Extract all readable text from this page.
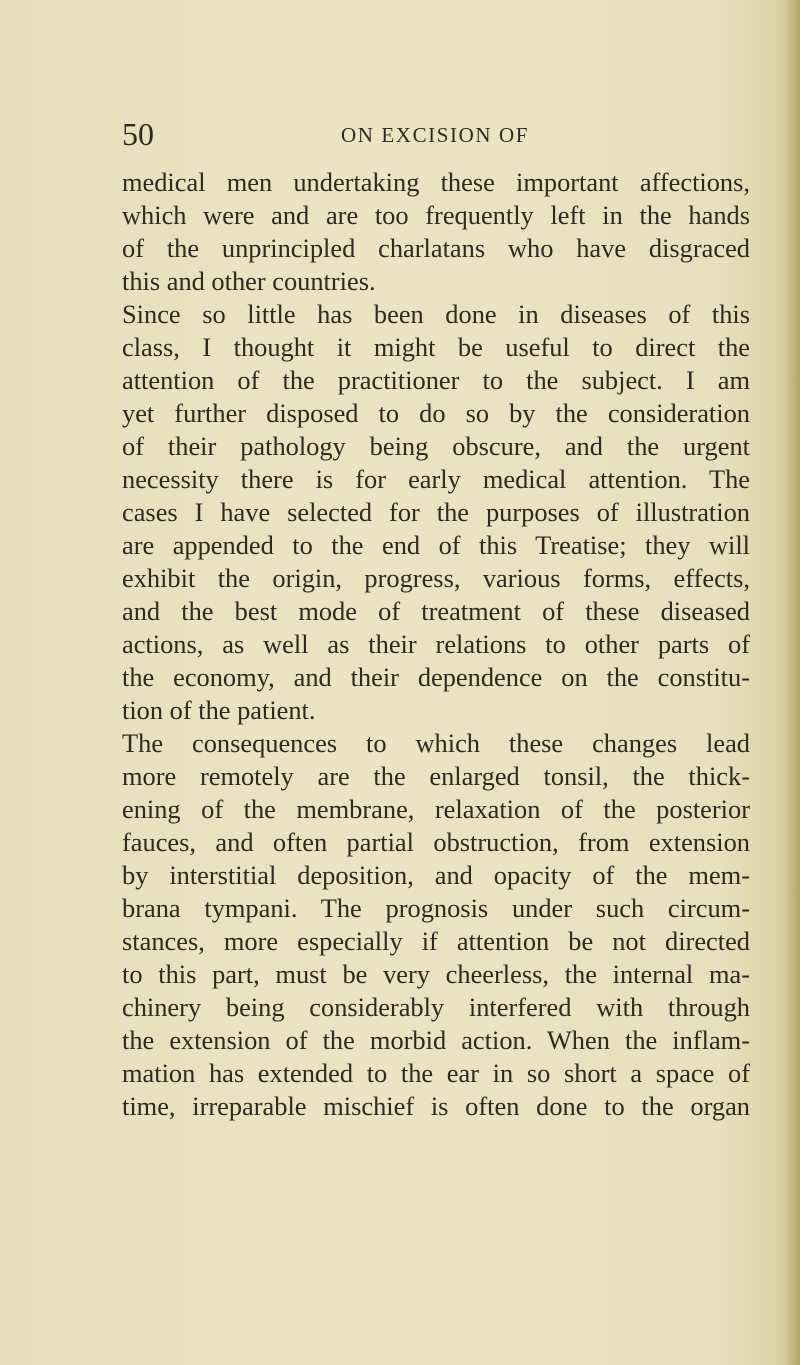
50	ON EXCISION OF
medical men undertaking these important affections,
which were and are too frequently left in the hands
of the unprincipled charlatans who have disgraced
this and other countries.
Since so little has been done in diseases of this
class, I thought it might be useful to direct the
attention of the practitioner to the subject. I am
yet further disposed to do so by the consideration
of their pathology being obscure, and the urgent
necessity there is for early medical attention. The
cases I have selected for the purposes of illustration
are appended to the end of this Treatise; they will
exhibit the origin, progress, various forms, effects,
and the best mode of treatment of these diseased
actions, as well as their relations to other parts of
the economy, and their dependence on the constitu-
tion of the patient.
The consequences to which these changes lead
more remotely are the enlarged tonsil, the thick-
ening of the membrane, relaxation of the posterior
fauces, and often partial obstruction, from extension
by interstitial deposition, and opacity of the mem-
brana tympani. The prognosis under such circum-
stances, more especially if attention be not directed
to this part, must be very cheerless, the internal ma-
chinery being considerably interfered with through
the extension of the morbid action. When the inflam-
mation has extended to the ear in so short a space of
time, irreparable mischief is often done to the organ
